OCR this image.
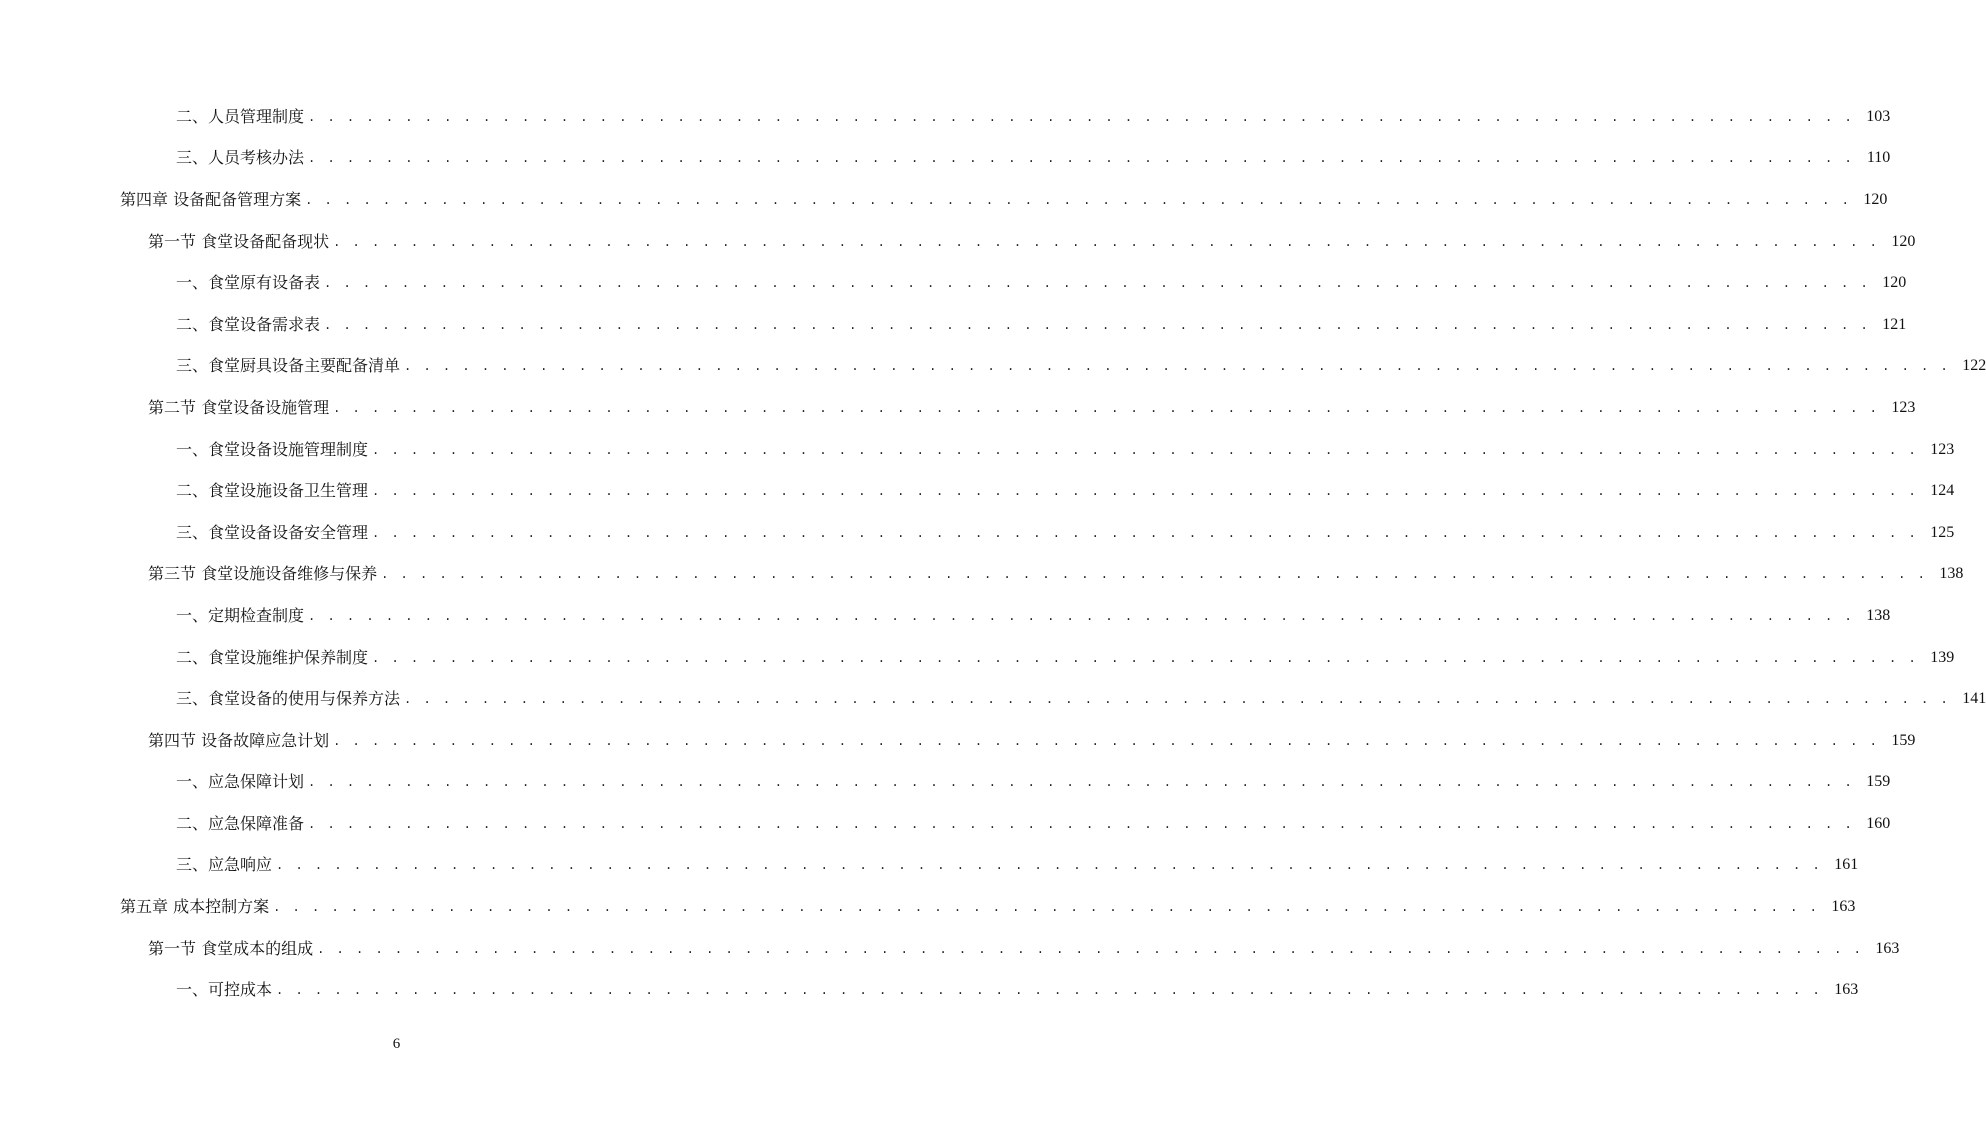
二、人员管理制度 . . . . . . . . . . . . . . . . . . . . . . . . . . . . . . . . . . . . . . . . . . . . . . . . . . . . . . . . . . . . . . . . . . . . . . . . . . . . . . . . 103
三、人员考核办法 . . . . . . . . . . . . . . . . . . . . . . . . . . . . . . . . . . . . . . . . . . . . . . . . . . . . . . . . . . . . . . . . . . . . . . . . . . . . . . . . 110
第四章 设备配备管理方案 . . . . . . . . . . . . . . . . . . . . . . . . . . . . . . . . . . . . . . . . . . . . . . . . . . . . . . . . . . . . . . . . . . . . . . . . . . . . . . . . 120
第一节 食堂设备配备现状 . . . . . . . . . . . . . . . . . . . . . . . . . . . . . . . . . . . . . . . . . . . . . . . . . . . . . . . . . . . . . . . . . . . . . . . . . . . . . . . . 120
一、食堂原有设备表 . . . . . . . . . . . . . . . . . . . . . . . . . . . . . . . . . . . . . . . . . . . . . . . . . . . . . . . . . . . . . . . . . . . . . . . . . . . . . . . . 120
二、食堂设备需求表 . . . . . . . . . . . . . . . . . . . . . . . . . . . . . . . . . . . . . . . . . . . . . . . . . . . . . . . . . . . . . . . . . . . . . . . . . . . . . . . . 121
三、食堂厨具设备主要配备清单 . . . . . . . . . . . . . . . . . . . . . . . . . . . . . . . . . . . . . . . . . . . . . . . . . . . . . . . . . . . . . . . . . . . . . . . . . . . . . . . . 122
第二节 食堂设备设施管理 . . . . . . . . . . . . . . . . . . . . . . . . . . . . . . . . . . . . . . . . . . . . . . . . . . . . . . . . . . . . . . . . . . . . . . . . . . . . . . . . 123
一、食堂设备设施管理制度 . . . . . . . . . . . . . . . . . . . . . . . . . . . . . . . . . . . . . . . . . . . . . . . . . . . . . . . . . . . . . . . . . . . . . . . . . . . . . . . . 123
二、食堂设施设备卫生管理 . . . . . . . . . . . . . . . . . . . . . . . . . . . . . . . . . . . . . . . . . . . . . . . . . . . . . . . . . . . . . . . . . . . . . . . . . . . . . . . . 124
三、食堂设备设备安全管理 . . . . . . . . . . . . . . . . . . . . . . . . . . . . . . . . . . . . . . . . . . . . . . . . . . . . . . . . . . . . . . . . . . . . . . . . . . . . . . . . 125
第三节 食堂设施设备维修与保养 . . . . . . . . . . . . . . . . . . . . . . . . . . . . . . . . . . . . . . . . . . . . . . . . . . . . . . . . . . . . . . . . . . . . . . . . . . . . . . . . 138
一、定期检查制度 . . . . . . . . . . . . . . . . . . . . . . . . . . . . . . . . . . . . . . . . . . . . . . . . . . . . . . . . . . . . . . . . . . . . . . . . . . . . . . . . 138
二、食堂设施维护保养制度 . . . . . . . . . . . . . . . . . . . . . . . . . . . . . . . . . . . . . . . . . . . . . . . . . . . . . . . . . . . . . . . . . . . . . . . . . . . . . . . . 139
三、食堂设备的使用与保养方法 . . . . . . . . . . . . . . . . . . . . . . . . . . . . . . . . . . . . . . . . . . . . . . . . . . . . . . . . . . . . . . . . . . . . . . . . . . . . . . . . 141
第四节 设备故障应急计划 . . . . . . . . . . . . . . . . . . . . . . . . . . . . . . . . . . . . . . . . . . . . . . . . . . . . . . . . . . . . . . . . . . . . . . . . . . . . . . . . 159
一、应急保障计划 . . . . . . . . . . . . . . . . . . . . . . . . . . . . . . . . . . . . . . . . . . . . . . . . . . . . . . . . . . . . . . . . . . . . . . . . . . . . . . . . 159
二、应急保障准备 . . . . . . . . . . . . . . . . . . . . . . . . . . . . . . . . . . . . . . . . . . . . . . . . . . . . . . . . . . . . . . . . . . . . . . . . . . . . . . . . 160
三、应急响应 . . . . . . . . . . . . . . . . . . . . . . . . . . . . . . . . . . . . . . . . . . . . . . . . . . . . . . . . . . . . . . . . . . . . . . . . . . . . . . . . 161
第五章 成本控制方案 . . . . . . . . . . . . . . . . . . . . . . . . . . . . . . . . . . . . . . . . . . . . . . . . . . . . . . . . . . . . . . . . . . . . . . . . . . . . . . . . 163
第一节 食堂成本的组成 . . . . . . . . . . . . . . . . . . . . . . . . . . . . . . . . . . . . . . . . . . . . . . . . . . . . . . . . . . . . . . . . . . . . . . . . . . . . . . . . 163
一、可控成本 . . . . . . . . . . . . . . . . . . . . . . . . . . . . . . . . . . . . . . . . . . . . . . . . . . . . . . . . . . . . . . . . . . . . . . . . . . . . . . . . 163
6
